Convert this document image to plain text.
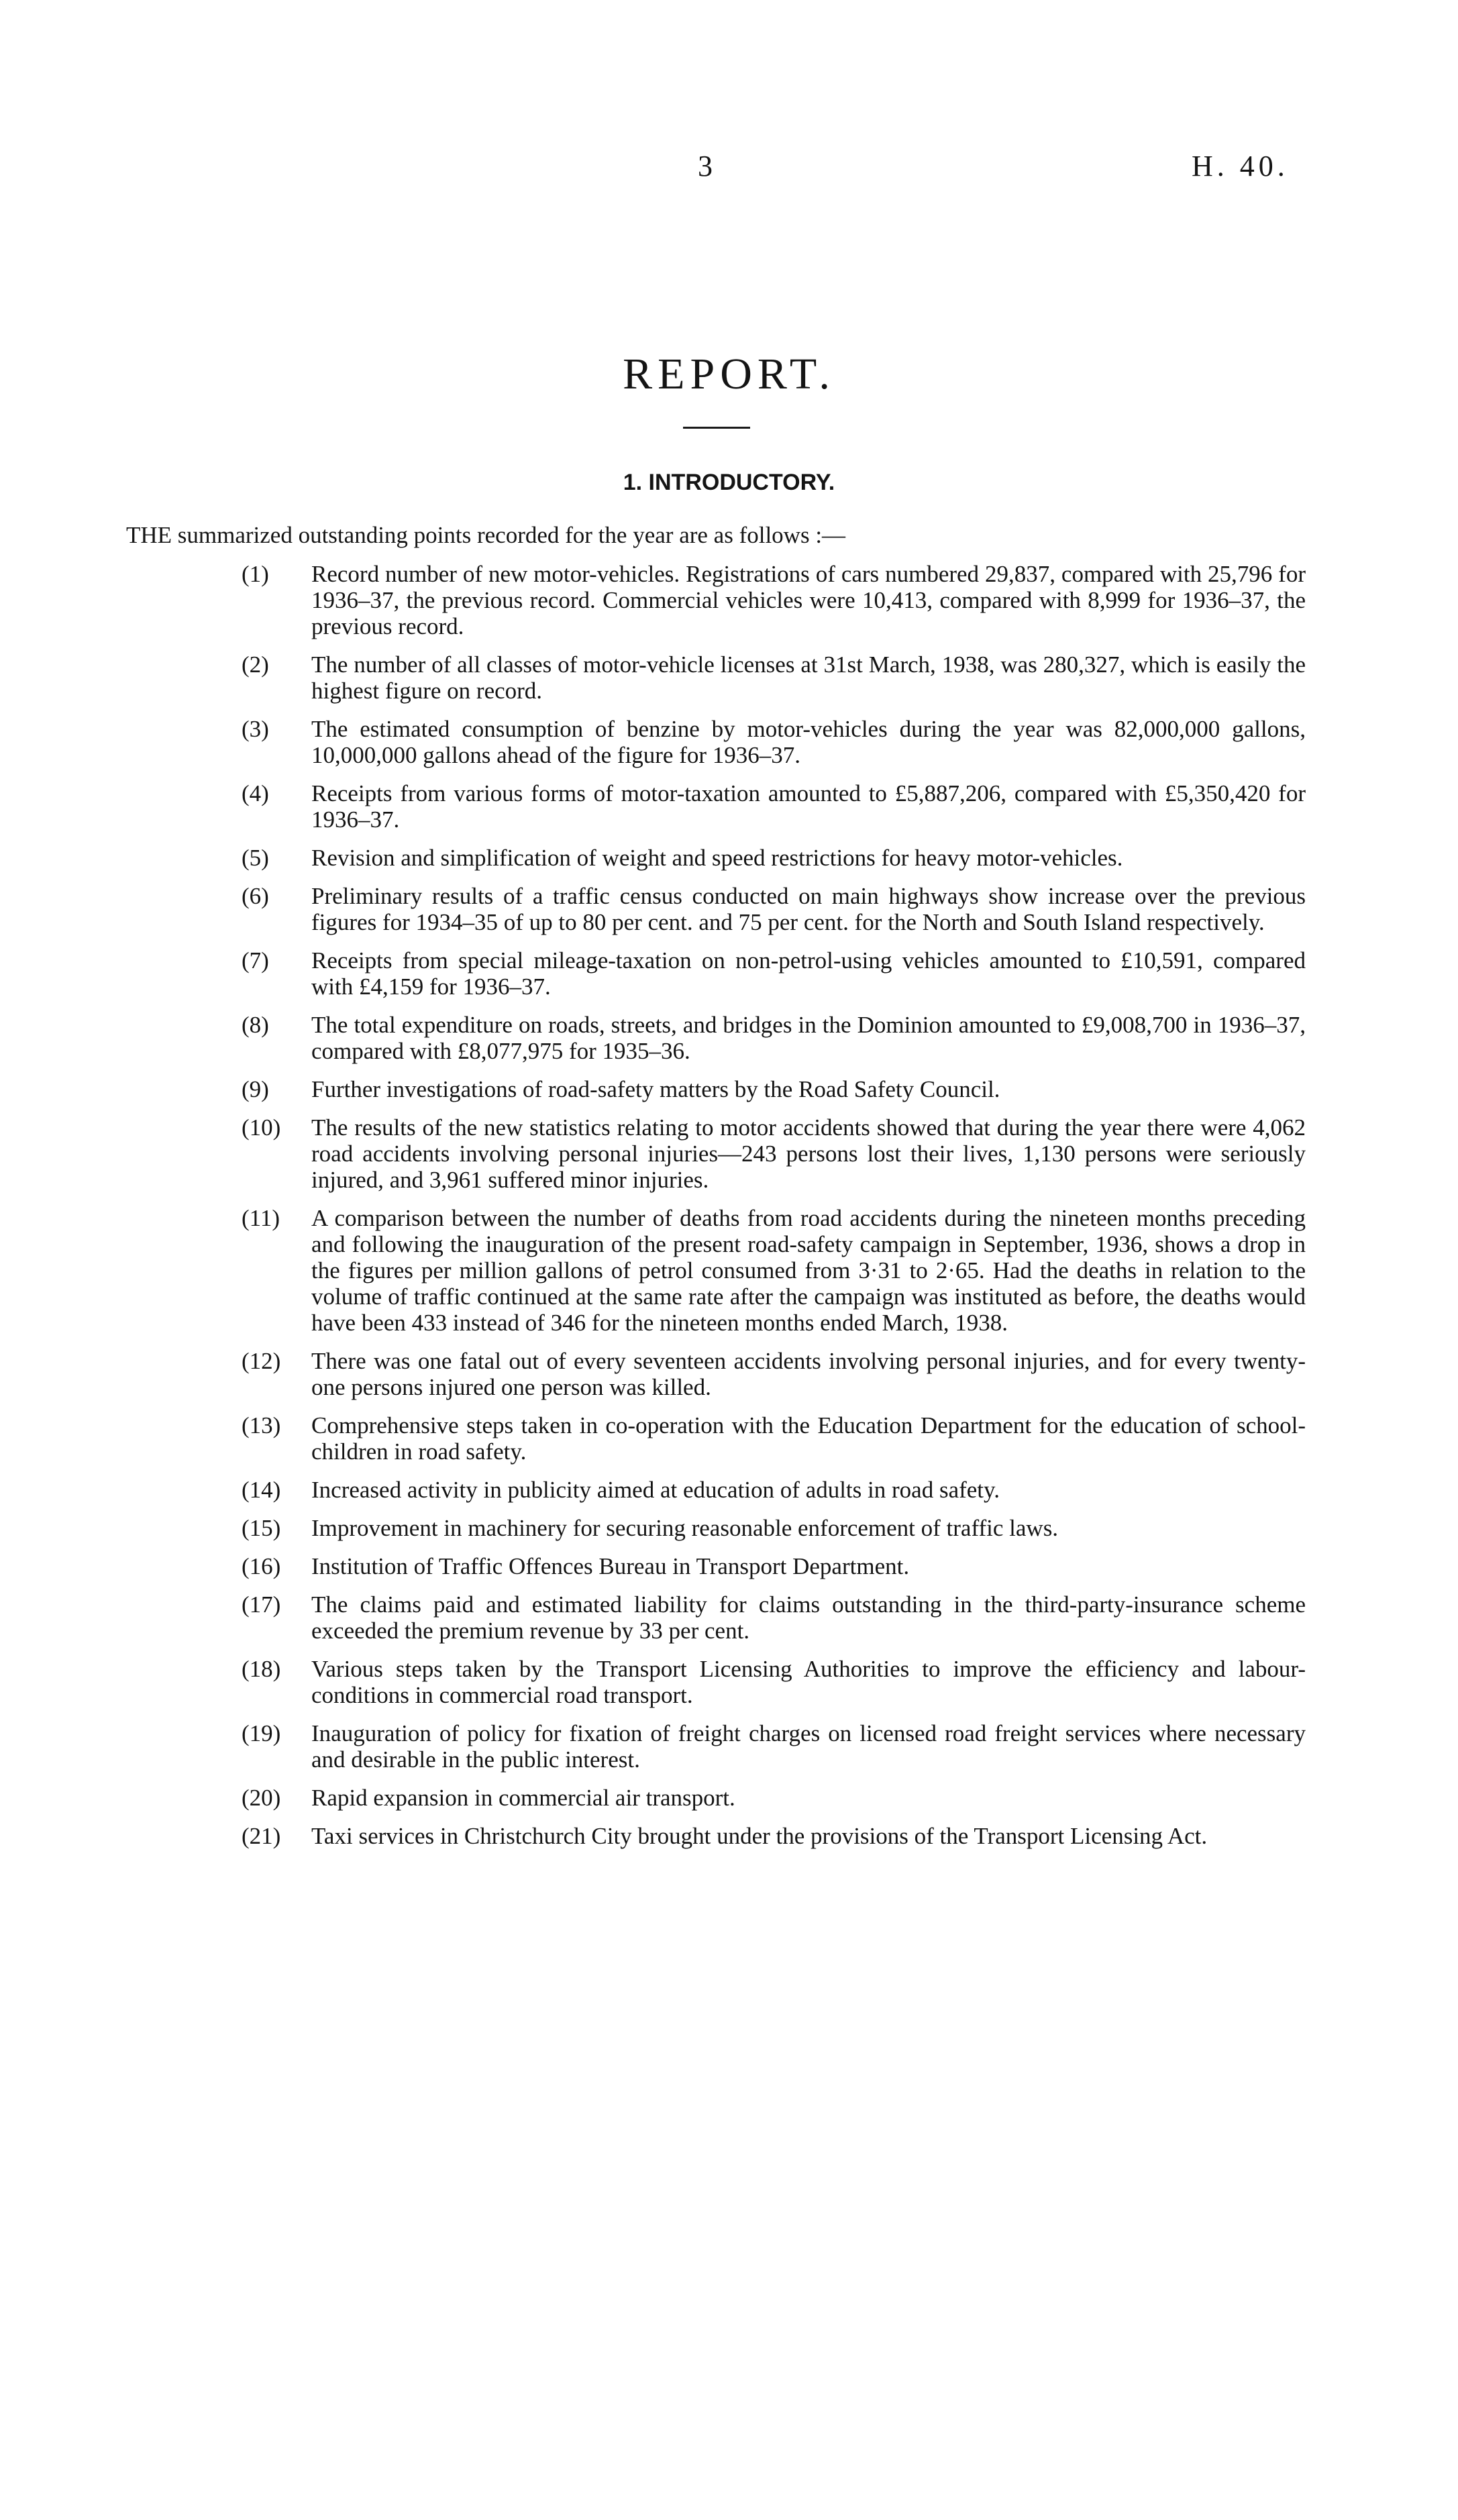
3	H. 40.
REPORT.
1. INTRODUCTORY.
THE summarized outstanding points recorded for the year are as follows :—
(1) Record number of new motor-vehicles. Registrations of cars numbered 29,837, compared with 25,796 for 1936–37, the previous record. Commercial vehicles were 10,413, compared with 8,999 for 1936–37, the previous record.
(2) The number of all classes of motor-vehicle licenses at 31st March, 1938, was 280,327, which is easily the highest figure on record.
(3) The estimated consumption of benzine by motor-vehicles during the year was 82,000,000 gallons, 10,000,000 gallons ahead of the figure for 1936–37.
(4) Receipts from various forms of motor-taxation amounted to £5,887,206, compared with £5,350,420 for 1936–37.
(5) Revision and simplification of weight and speed restrictions for heavy motor-vehicles.
(6) Preliminary results of a traffic census conducted on main highways show increase over the previous figures for 1934–35 of up to 80 per cent. and 75 per cent. for the North and South Island respectively.
(7) Receipts from special mileage-taxation on non-petrol-using vehicles amounted to £10,591, compared with £4,159 for 1936–37.
(8) The total expenditure on roads, streets, and bridges in the Dominion amounted to £9,008,700 in 1936–37, compared with £8,077,975 for 1935–36.
(9) Further investigations of road-safety matters by the Road Safety Council.
(10) The results of the new statistics relating to motor accidents showed that during the year there were 4,062 road accidents involving personal injuries—243 persons lost their lives, 1,130 persons were seriously injured, and 3,961 suffered minor injuries.
(11) A comparison between the number of deaths from road accidents during the nineteen months preceding and following the inauguration of the present road-safety campaign in September, 1936, shows a drop in the figures per million gallons of petrol consumed from 3·31 to 2·65. Had the deaths in relation to the volume of traffic continued at the same rate after the campaign was instituted as before, the deaths would have been 433 instead of 346 for the nineteen months ended March, 1938.
(12) There was one fatal out of every seventeen accidents involving personal injuries, and for every twenty-one persons injured one person was killed.
(13) Comprehensive steps taken in co-operation with the Education Department for the education of school-children in road safety.
(14) Increased activity in publicity aimed at education of adults in road safety.
(15) Improvement in machinery for securing reasonable enforcement of traffic laws.
(16) Institution of Traffic Offences Bureau in Transport Department.
(17) The claims paid and estimated liability for claims outstanding in the third-party-insurance scheme exceeded the premium revenue by 33 per cent.
(18) Various steps taken by the Transport Licensing Authorities to improve the efficiency and labour-conditions in commercial road transport.
(19) Inauguration of policy for fixation of freight charges on licensed road freight services where necessary and desirable in the public interest.
(20) Rapid expansion in commercial air transport.
(21) Taxi services in Christchurch City brought under the provisions of the Transport Licensing Act.
